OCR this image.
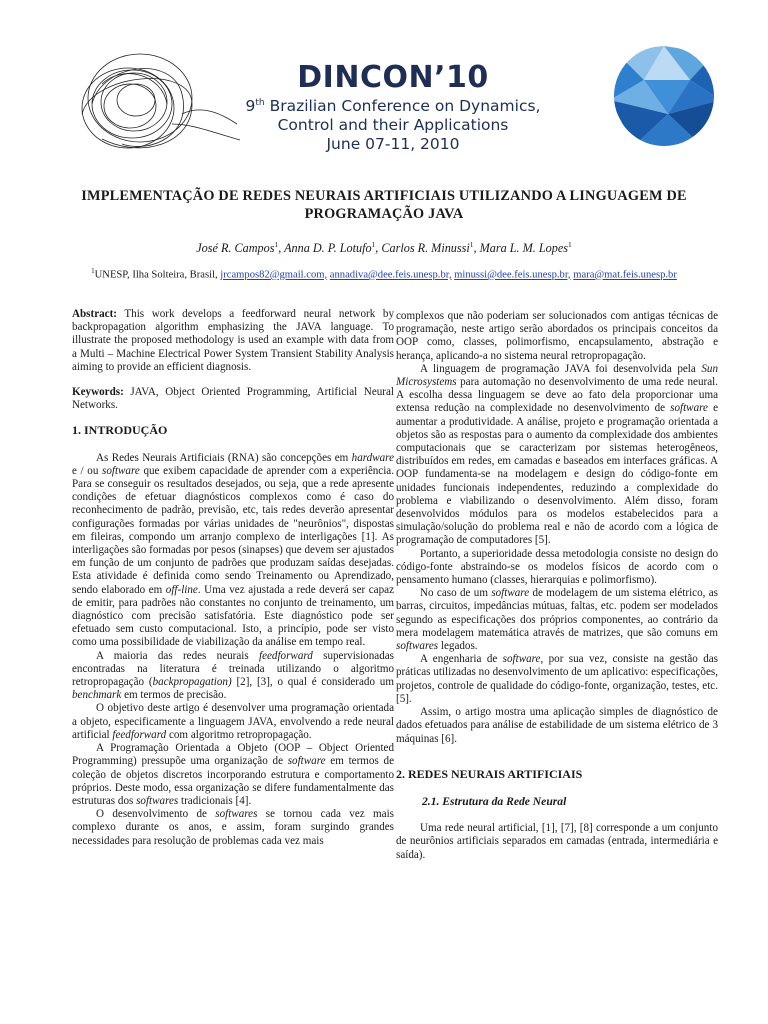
DINCON’10
9th Brazilian Conference on Dynamics,
Control and their Applications
June 07-11, 2010
IMPLEMENTAÇÃO DE REDES NEURAIS ARTIFICIAIS UTILIZANDO A LINGUAGEM DE
PROGRAMAÇÃO JAVA
José R. Campos$^1$, Anna D. P. Lotufo$^1$, Carlos R. Minussi$^1$, Mara L. M. Lopes$^1$
$^1$UNESP, Ilha Solteira, Brasil, jrcampos82@gmail.com, annadiva@dee.feis.unesp.br, minussi@dee.feis.unesp.br, mara@mat.feis.unesp.br

Abstract: This work develops a feedforward neural network by backpropagation algorithm emphasizing the JAVA language. To illustrate the proposed methodology is used an example with data from a Multi – Machine Electrical Power System Transient Stability Analysis aiming to provide an efficient diagnosis.

Keywords: JAVA, Object Oriented Programming, Artificial Neural Networks.

1. INTRODUÇÃO

As Redes Neurais Artificiais (RNA) são concepções em hardware e / ou software que exibem capacidade de aprender com a experiência. Para se conseguir os resultados desejados, ou seja, que a rede apresente condições de efetuar diagnósticos complexos como é caso do reconhecimento de padrão, previsão, etc, tais redes deverão apresentar configurações formadas por várias unidades de "neurônios", dispostas em fileiras, compondo um arranjo complexo de interligações [1]. As interligações são formadas por pesos (sinapses) que devem ser ajustados em função de um conjunto de padrões que produzam saídas desejadas. Esta atividade é definida como sendo Treinamento ou Aprendizado, sendo elaborado em off-line. Uma vez ajustada a rede deverá ser capaz de emitir, para padrões não constantes no conjunto de treinamento, um diagnóstico com precisão satisfatória. Este diagnóstico pode ser efetuado sem custo computacional. Isto, a princípio, pode ser visto como uma possibilidade de viabilização da análise em tempo real.

A maioria das redes neurais feedforward supervisionadas encontradas na literatura é treinada utilizando o algoritmo retropropagação (backpropagation) [2], [3], o qual é considerado um benchmark em termos de precisão.

O objetivo deste artigo é desenvolver uma programação orientada a objeto, especificamente a linguagem JAVA, envolvendo a rede neural artificial feedforward com algoritmo retropropagação.

A Programação Orientada a Objeto (OOP – Object Oriented Programming) pressupõe uma organização de software em termos de coleção de objetos discretos incorporando estrutura e comportamento próprios. Deste modo, essa organização se difere fundamentalmente das estruturas dos softwares tradicionais [4].

O desenvolvimento de softwares se tornou cada vez mais complexo durante os anos, e assim, foram surgindo grandes necessidades para resolução de problemas cada vez mais

complexos que não poderiam ser solucionados com antigas técnicas de programação, neste artigo serão abordados os principais conceitos da OOP como, classes, polimorfismo, encapsulamento, abstração e herança, aplicando-a no sistema neural retropropagação.

A linguagem de programação JAVA foi desenvolvida pela Sun Microsystems para automação no desenvolvimento de uma rede neural. A escolha dessa linguagem se deve ao fato dela proporcionar uma extensa redução na complexidade no desenvolvimento de software e aumentar a produtividade. A análise, projeto e programação orientada a objetos são as respostas para o aumento da complexidade dos ambientes computacionais que se caracterizam por sistemas heterogêneos, distribuídos em redes, em camadas e baseados em interfaces gráficas. A OOP fundamenta-se na modelagem e design do código-fonte em unidades funcionais independentes, reduzindo a complexidade do problema e viabilizando o desenvolvimento. Além disso, foram desenvolvidos módulos para os modelos estabelecidos para a simulação/solução do problema real e não de acordo com a lógica de programação de computadores [5].

Portanto, a superioridade dessa metodologia consiste no design do código-fonte abstraindo-se os modelos físicos de acordo com o pensamento humano (classes, hierarquias e polimorfismo).

No caso de um software de modelagem de um sistema elétrico, as barras, circuitos, impedâncias mútuas, faltas, etc. podem ser modelados segundo as especificações dos próprios componentes, ao contrário da mera modelagem matemática através de matrizes, que são comuns em softwares legados.

A engenharia de software, por sua vez, consiste na gestão das práticas utilizadas no desenvolvimento de um aplicativo: especificações, projetos, controle de qualidade do código-fonte, organização, testes, etc. [5].

Assim, o artigo mostra uma aplicação simples de diagnóstico de dados efetuados para análise de estabilidade de um sistema elétrico de 3 máquinas [6].

2. REDES NEURAIS ARTIFICIAIS
2.1. Estrutura da Rede Neural

Uma rede neural artificial, [1], [7], [8] corresponde a um conjunto de neurônios artificiais separados em camadas (entrada, intermediária e saída).
